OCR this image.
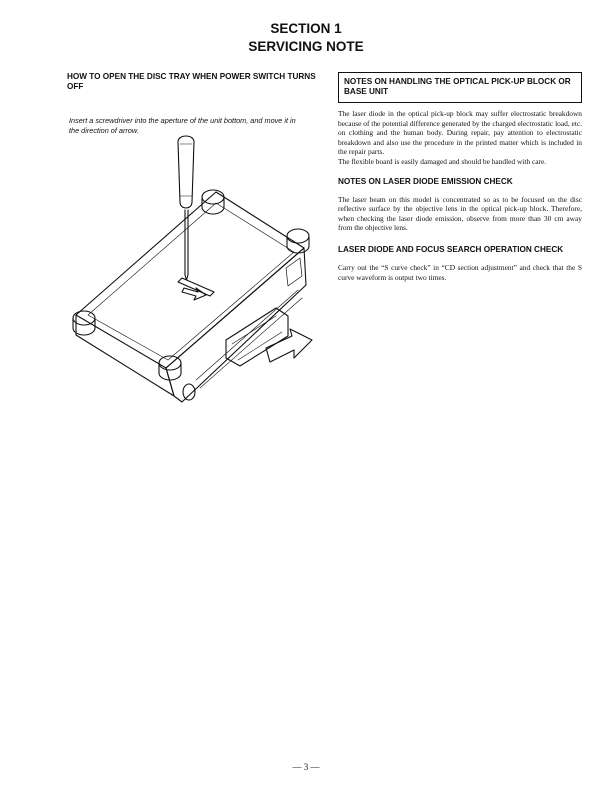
SECTION 1
SERVICING NOTE

HOW TO OPEN THE DISC TRAY WHEN POWER SWITCH TURNS OFF

Insert a screwdriver into the aperture of the unit bottom, and move it in the direction of arrow.

NOTES ON HANDLING THE OPTICAL PICK-UP BLOCK OR BASE UNIT

The laser diode in the optical pick-up block may suffer electrostatic breakdown because of the potential difference generated by the charged electrostatic load, etc. on clothing and the human body. During repair, pay attention to electrostatic breakdown and also use the procedure in the printed matter which is included in the repair parts.

The flexible board is easily damaged and should be handled with care.

NOTES ON LASER DIODE EMISSION CHECK

The laser beam on this model is concentrated so as to be focused on the disc reflective surface by the objective lens in the optical pick-up block. Therefore, when checking the laser diode emission, observe from more than 30 cm away from the objective lens.

LASER DIODE AND FOCUS SEARCH OPERATION CHECK

Carry out the “S curve check” in “CD section adjustment” and check that the S curve waveform is output two times.

— 3 —
